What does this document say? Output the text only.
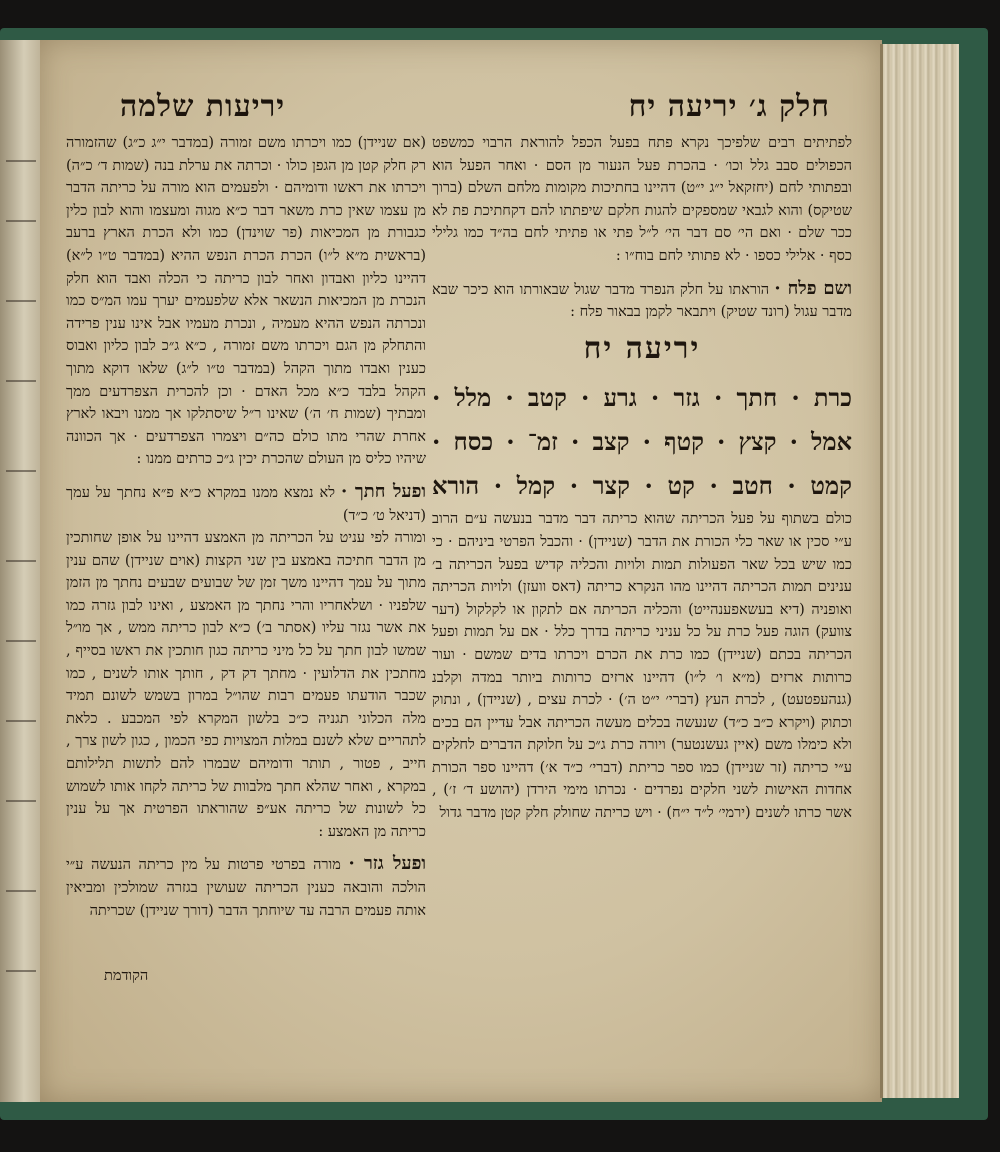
יריעות שלמה	חלק ג׳ יריעה יח

לפתיתים רבים שלפיכך נקרא פתח בפעל הכפל להוראת הרבוי כמשפט הכפולים סבב גלל וכו׳ · בהכרת פעל הנעור מן הסם · ואחר הפעל הוא ובפתותי לחם (יחזקאל י״ג י״ט) דהיינו בחתיכות מקומות מלחם השלם (ברוך שטיקס) והוא לגבאי שמספקים להגות חלקם שיפתתו להם דקחתיכת פת לא ככר שלם · ואם הי׳ סם דבר הי׳ ל״ל פתי או פתיתי לחם בה״ד כמו גלילי כסף · אלילי כספו · לא פתותי לחם בוח״ו :

ושם פלח · הוראתו על חלק הנפרד מדבר שגול שבאורתו הוא כיכר שבא מדבר עגול (רונד שטיק) ויתבאר לקמן בבאור פלח :

יריעה יח
כרת · חתך · גזר · גרע · קטב · מלל ·
אמל · קצץ · קטף · קצב · זמ־ · כסח ·
קמט · חטב · קט · קצר · קמל · הורא

כולם בשתוף על פעל הכריתה שהוא כריתה דבר מדבר בנעשה ע״ם הרוב ע״י סכין או שאר כלי הכורת את הדבר (שניידן) · והכבל הפרטי ביניהם · כי כמו שיש בכל שאר הפעולות תמות ולויות והכליה קדיש בפעל הכריתה ב׳ ענינים תמות הכריתה דהיינו מהו הנקרא כריתה (דאס וועזן) ולויות הכריתה ואופניה (דיא בעשאפענהייט) והכליה הכריתה אם לתקון או לקלקול (דער צוועק) הוגה פעל כרת על כל עניני כריתה בדרך כלל · אם על תמות ופעל הכריתה בכתם (שניידן) כמו כרת את הכרם ויכרתו בדים שמשם · ועור כרותות ארזים (מ״א ו׳ ל״ו) דהיינו ארזים כרותות ביותר במדה וקלבנ (גנהעפטעט) , לכרת העץ (דברי׳ י״ט ה׳) · לכרת עצים , (שניידן) , ונתוק וכתוק (ויקרא כ״ב כ״ד) שנעשה בכלים מעשה הכריתה אבל עדיין הם בכים ולא כימלו משם (איין געשנטער) ויורה כרת ג״כ על חלוקת הדברים לחלקים ע״י כריתה (זר שניידן) כמו ספר כריתת (דברי׳ כ״ד א׳) דהיינו ספר הכורת אחדות האישות לשני חלקים נפרדים · נכרתו מימי הירדן (יהושע ד׳ ז׳) , אשר כרתו לשנים (ירמי׳ ל״ד י״ח) · ויש כריתה שחולק חלק קטן מדבר גדול

(אם שניידן) כמו ויכרתו משם זמורה (במדבר י״ג כ״ג) שהזמורה רק חלק קטן מן הגפן כולו · וכרתה את ערלת בנה (שמות ד׳ כ״ה) ויכרתו את ראשו ודומיהם · ולפעמים הוא מורה על כריתה הדבר מן עצמו שאין כרת משאר דבר כ״א מגוה ומעצמו והוא לבון כלין כגבורת מן המכיאות (פר שוינדן) כמו ולא הכרת הארץ ברעב (בראשית מ״א ל״ו) הכרת הכרת הנפש ההיא (במדבר ט״ו ל״א) דהיינו כליון ואבדון ואחר לבון כריתה כי הכלה ואבד הוא חלק הנכרת מן המכיאות הנשאר אלא שלפעמים יערך עמו המ״ס כמו ונכרתה הנפש ההיא מעמיה , ונכרת מעמיו אבל אינו ענין פרידה והתחלק מן הגם ויכרתו משם זמורה , כ״א ג״כ לבון כליון ואבוס כענין ואבדו מתוך הקהל (במדבר ט״ו ל״ג) שלאו דוקא מתוך הקהל בלבד כ״א מכל האדם · וכן להכרית הצפרדעים ממך ומבתיך (שמות ח׳ ה׳) שאינו ר״ל שיסתלקו אך ממנו ויבאו לארץ אחרת שהרי מתו כולם כה״ם ויצמרו הצפרדעים · אך הכוונה שיהיו כליס מן העולם שהכרת יכין ג״כ כרתים ממנו :

ופעל חתך · לא נמצא ממנו במקרא כ״א פ״א נחתך על עמך (דניאל ט׳ כ״ד)

ומורה לפי עניט על הכריתה מן האמצע דהיינו על אופן שחותכין מן הדבר חתיכה באמצע בין שני הקצות (אוים שניידן) שהם ענין מתוך על עמך דהיינו משך זמן של שבועים שבעים נחתך מן הזמן שלפניו · ושלאחריו והרי נחתך מן האמצע , ואינו לבון גזרה כמו את אשר נגזר עליו (אסתר ב׳) כ״א לבון כריתה ממש , אך מו״ל שמשו לבון חתך על כל מיני כריתה כגון חותכין את ראשו בסייף , מחתכין את הדלועין · מחתך דק דק , חותך אותו לשנים , כמו שכבר הודעתו פעמים רבות שהו״ל במרון בשמש לשונם תמיד מלה הכלוני תגניה כ״כ בלשון המקרא לפי המכבע . כלאת לתהריים שלא לשנם במלות המצויות כפי הכמון , כגון לשון צרך , חייב , פטור , תותר ודומיהם שבמרו להם לתשות תלילותם במקרא , ואחר שהלא חתך מלבוות של כריתה לקחו אותו לשמוש כל לשונות של כריתה אע״פ שהוראתו הפרטית אך על ענין כריתה מן האמצע :

ופעל גזר · מורה בפרטי פרטות על מין כריתה הנעשה ע״י הולכה והובאה כענין הכריתה שעושין בגזרה שמולכין ומביאין אותה פעמים הרבה עד שיוחתך הדבר (דורך שניידן) שכריתה

הקודמת
